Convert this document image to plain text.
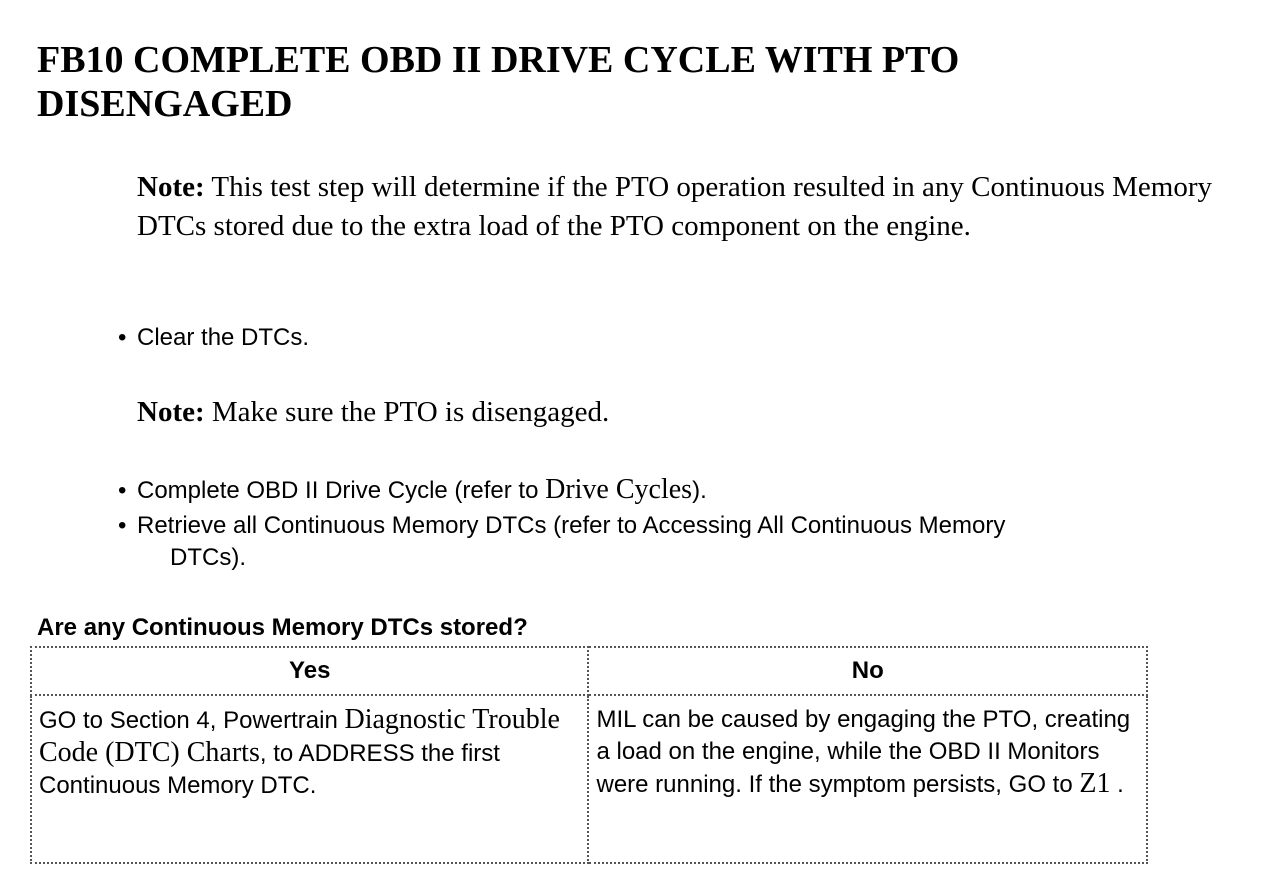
FB10 COMPLETE OBD II DRIVE CYCLE WITH PTO DISENGAGED

Note: This test step will determine if the PTO operation resulted in any Continuous Memory DTCs stored due to the extra load of the PTO component on the engine.

• Clear the DTCs.

Note: Make sure the PTO is disengaged.

• Complete OBD II Drive Cycle (refer to Drive Cycles).

• Retrieve all Continuous Memory DTCs (refer to Accessing All Continuous Memory
DTCs).

Are any Continuous Memory DTCs stored?

Yes	No
GO to Section 4, Powertrain Diagnostic Trouble Code (DTC) Charts, to ADDRESS the first Continuous Memory DTC.	MIL can be caused by engaging the PTO, creating a load on the engine, while the OBD II Monitors were running. If the symptom persists, GO to Z1 .
